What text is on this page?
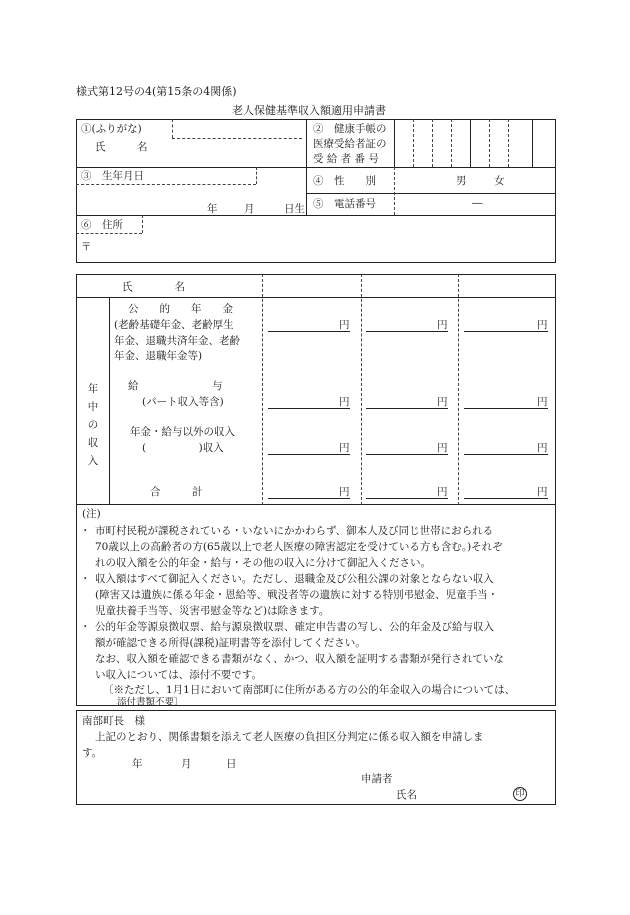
様式第12号の4(第15条の4関係)
老人保健基準収入額適用申請書
①(ふりがな)
氏　　　名
②　健康手帳の
医療受給者証の
受 給 者 番 号
③　生年月日
年	月	日生
④　性　　別	男	女
⑤　電話番号	―
⑥　住所
〒
氏　　　　名
年
中
の
収
入
公　　的　　年　　金
(老齢基礎年金、老齢厚生
年金、退職共済年金、老齢
年金、退職年金等)
円	円	円
給　　　　　　　与
(パート収入等含)	円	円	円
年金・給与以外の収入
(　　　　　)収入	円	円	円
合　　　計	円	円	円
(注)
・ 市町村民税が課税されている・いないにかかわらず、御本人及び同じ世帯におられる
70歳以上の高齢者の方(65歳以上で老人医療の障害認定を受けている方も含む。)それぞ
れの収入額を公的年金・給与・その他の収入に分けて御記入ください。
・ 収入額はすべて御記入ください。ただし、退職金及び公租公課の対象とならない収入
(障害又は遺族に係る年金・恩給等、戦没者等の遺族に対する特別弔慰金、児童手当・
児童扶養手当等、災害弔慰金等など)は除きます。
・ 公的年金等源泉徴収票、給与源泉徴収票、確定申告書の写し、公的年金及び給与収入
額が確認できる所得(課税)証明書等を添付してください。
なお、収入額を確認できる書類がなく、かつ、収入額を証明する書類が発行されていな
い収入については、添付不要です。
〔※ただし、1月1日において南部町に住所がある方の公的年金収入の場合については、
添付書類不要〕
南部町長　様
上記のとおり、関係書類を添えて老人医療の負担区分判定に係る収入額を申請しま
す。
年	月	日
申請者
氏名	印
